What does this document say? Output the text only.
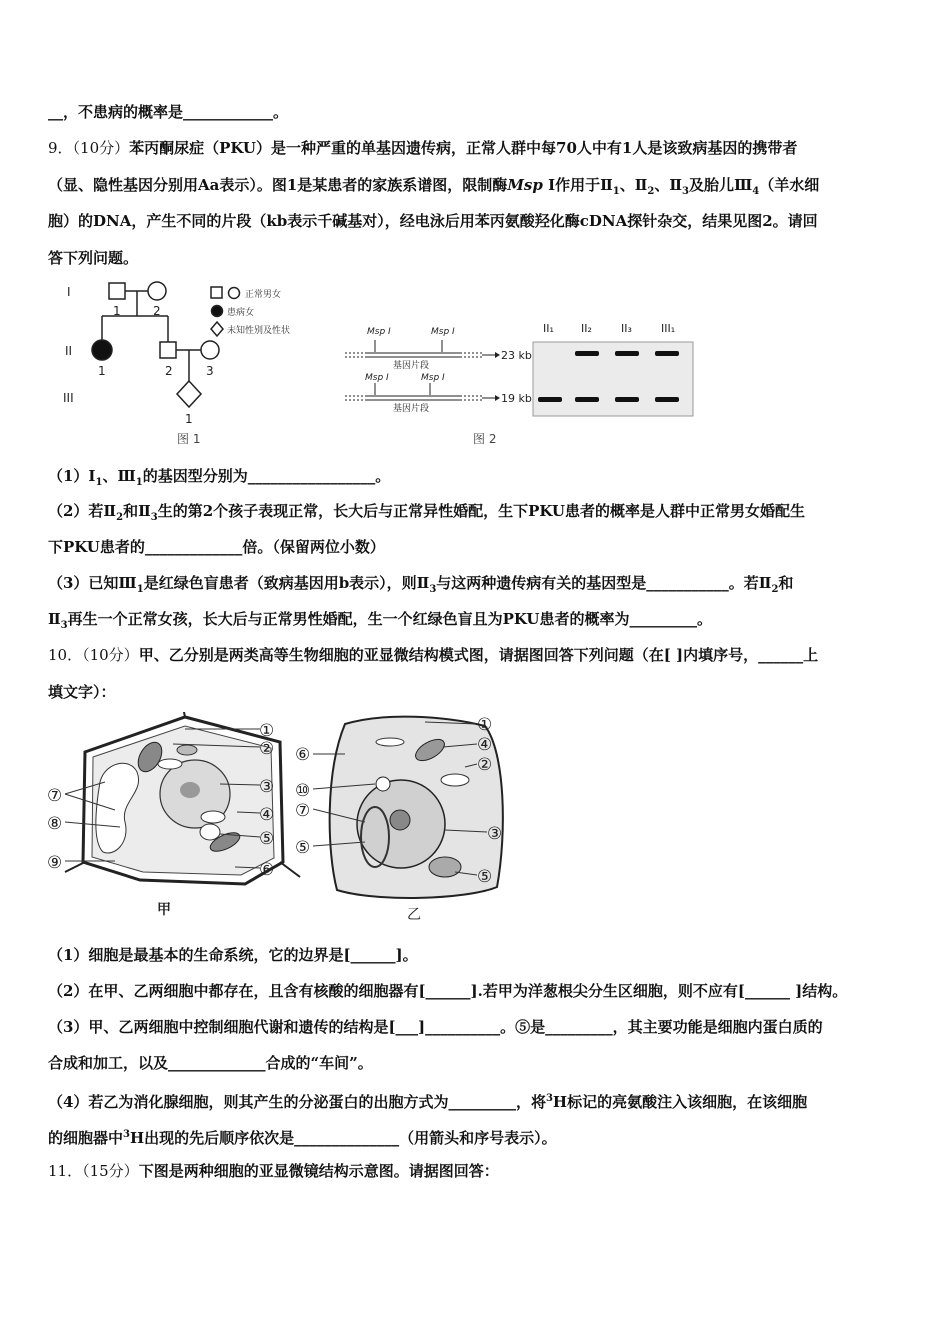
__，不患病的概率是____________。
9．（10分）苯丙酮尿症（PKU）是一种严重的单基因遗传病，正常人群中每70人中有1人是该致病基因的携带者
（显、隐性基因分别用Aa表示）。图1是某患者的家族系谱图，限制酶Msp I作用于$Ⅱ_1$、$Ⅱ_2$、$Ⅱ_3$及胎儿$Ⅲ_4$（羊水细
胞）的DNA，产生不同的片段（kb表示千碱基对），经电泳后用苯丙氨酸羟化酶cDNA探针杂交，结果见图2。请回
答下列问题。
I
II
III
1	2
1	2	3
1
正常男女
患病女
未知性别及性状
图 1
Msp I	Msp I
基因片段
Msp I	Msp I
基因片段
23 kb
19 kb
II₁ II₂	II₃	III₁
图 2
$(1)I_1$、$Ⅲ_1$的基因型分别为_________________。
（2）若$Ⅱ_2$和$Ⅱ_3$生的第2个孩子表现正常，长大后与正常异性婚配，生下PKU患者的概率是人群中正常男女婚配生
下PKU患者的_____________倍。（保留两位小数）
（3）已知$Ⅲ_1$是红绿色盲患者（致病基因用b表示），则$Ⅱ_3$与这两种遗传病有关的基因型是___________。若$Ⅱ_2$和
$Ⅱ_3$再生一个正常女孩，长大后与正常男性婚配，生一个红绿色盲且为PKU患者的概率为_________。
10．（10分）甲、乙分别是两类高等生物细胞的亚显微结构模式图，请据图回答下列问题（在[ ]内填序号，______上
填文字）：
甲
①
②
③
④
⑤
⑥
⑦
⑧
⑨
乙
①
④
②
③
⑤
⑥
⑩
⑦
⑤
（1）细胞是最基本的生命系统，它的边界是[______]。
（2）在甲、乙两细胞中都存在，且含有核酸的细胞器有[______].若甲为洋葱根尖分生区细胞，则不应有[______ ]结构。
（3）甲、乙两细胞中控制细胞代谢和遗传的结构是[___]__________。⑤是_________，其主要功能是细胞内蛋白质的
合成和加工，以及_____________合成的“车间”。
（4）若乙为消化腺细胞，则其产生的分泌蛋白的出胞方式为_________，将$^3$H标记的亮氨酸注入该细胞，在该细胞
的细胞器中$^3$H出现的先后顺序依次是______________（用箭头和序号表示）。
11．（15分）下图是两种细胞的亚显微镜结构示意图。请据图回答：
